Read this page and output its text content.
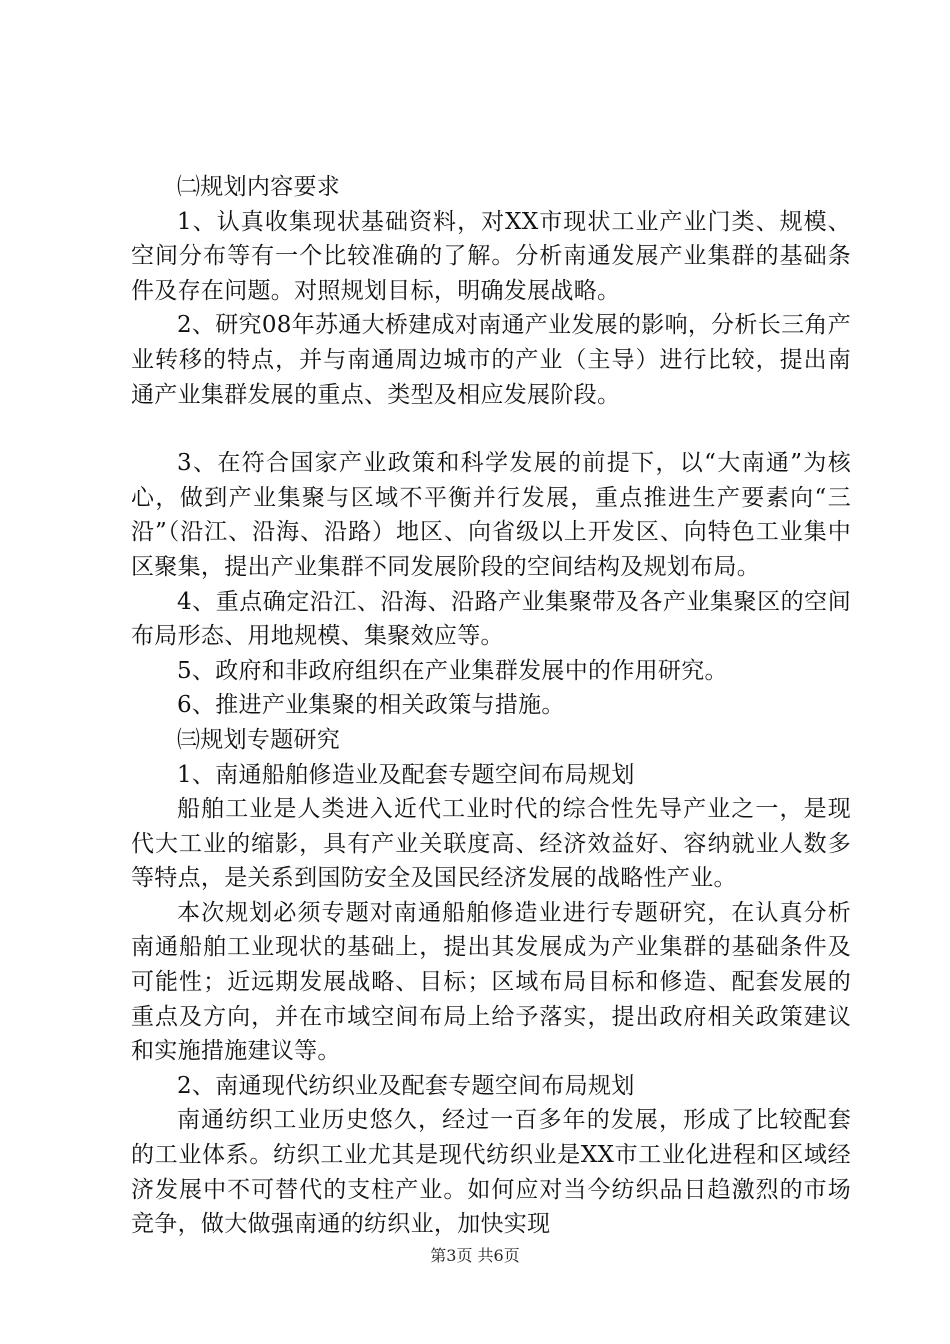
㈡规划内容要求

1、认真收集现状基础资料，对XX市现状工业产业门类、规模、空间分布等有一个比较准确的了解。分析南通发展产业集群的基础条件及存在问题。对照规划目标，明确发展战略。

2、研究08年苏通大桥建成对南通产业发展的影响，分析长三角产业转移的特点，并与南通周边城市的产业（主导）进行比较，提出南通产业集群发展的重点、类型及相应发展阶段。

3、在符合国家产业政策和科学发展的前提下，以“大南通”为核心，做到产业集聚与区域不平衡并行发展，重点推进生产要素向“三沿”（沿江、沿海、沿路）地区、向省级以上开发区、向特色工业集中区聚集，提出产业集群不同发展阶段的空间结构及规划布局。

4、重点确定沿江、沿海、沿路产业集聚带及各产业集聚区的空间布局形态、用地规模、集聚效应等。

5、政府和非政府组织在产业集群发展中的作用研究。

6、推进产业集聚的相关政策与措施。

㈢规划专题研究

1、南通船舶修造业及配套专题空间布局规划

船舶工业是人类进入近代工业时代的综合性先导产业之一，是现代大工业的缩影，具有产业关联度高、经济效益好、容纳就业人数多等特点，是关系到国防安全及国民经济发展的战略性产业。

本次规划必须专题对南通船舶修造业进行专题研究，在认真分析南通船舶工业现状的基础上，提出其发展成为产业集群的基础条件及可能性；近远期发展战略、目标；区域布局目标和修造、配套发展的重点及方向，并在市域空间布局上给予落实，提出政府相关政策建议和实施措施建议等。

2、南通现代纺织业及配套专题空间布局规划

南通纺织工业历史悠久，经过一百多年的发展，形成了比较配套的工业体系。纺织工业尤其是现代纺织业是XX市工业化进程和区域经济发展中不可替代的支柱产业。如何应对当今纺织品日趋激烈的市场竞争，做大做强南通的纺织业，加快实现

第3页 共6页
